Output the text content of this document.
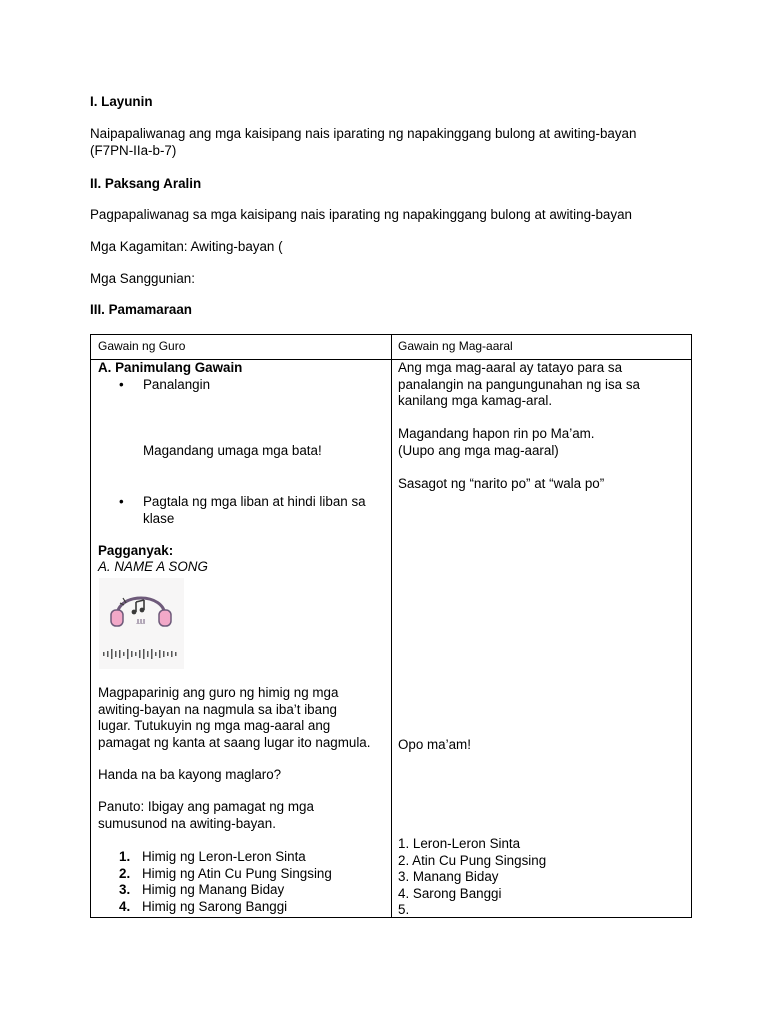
I. Layunin
Naipapaliwanag ang mga kaisipang nais iparating ng napakinggang bulong at awiting-bayan
(F7PN-IIa-b-7)
II. Paksang Aralin
Pagpapaliwanag sa mga kaisipang nais iparating ng napakinggang bulong at awiting-bayan
Mga Kagamitan: Awiting-bayan (
Mga Sanggunian:
III. Pamamaraan
Gawain ng Guro	Gawain ng Mag-aaral
A. Panimulang Gawain
• Panalangin
Magandang umaga mga bata!
• Pagtala ng mga liban at hindi liban sa
klase
Pagganyak:
A. NAME A SONG
JJJJJJ
Magpaparinig ang guro ng himig ng mga
awiting-bayan na nagmula sa iba’t ibang
lugar. Tutukuyin ng mga mag-aaral ang
pamagat ng kanta at saang lugar ito nagmula.
Handa na ba kayong maglaro?
Panuto: Ibigay ang pamagat ng mga
sumusunod na awiting-bayan.
1. Himig ng Leron-Leron Sinta
2. Himig ng Atin Cu Pung Singsing
3. Himig ng Manang Biday
4. Himig ng Sarong Banggi
Ang mga mag-aaral ay tatayo para sa
panalangin na pangungunahan ng isa sa
kanilang mga kamag-aral.
Magandang hapon rin po Ma’am.
(Uupo ang mga mag-aaral)
Sasagot ng “narito po” at “wala po”
Opo ma’am!
1. Leron-Leron Sinta
2. Atin Cu Pung Singsing
3. Manang Biday
4. Sarong Banggi
5.
